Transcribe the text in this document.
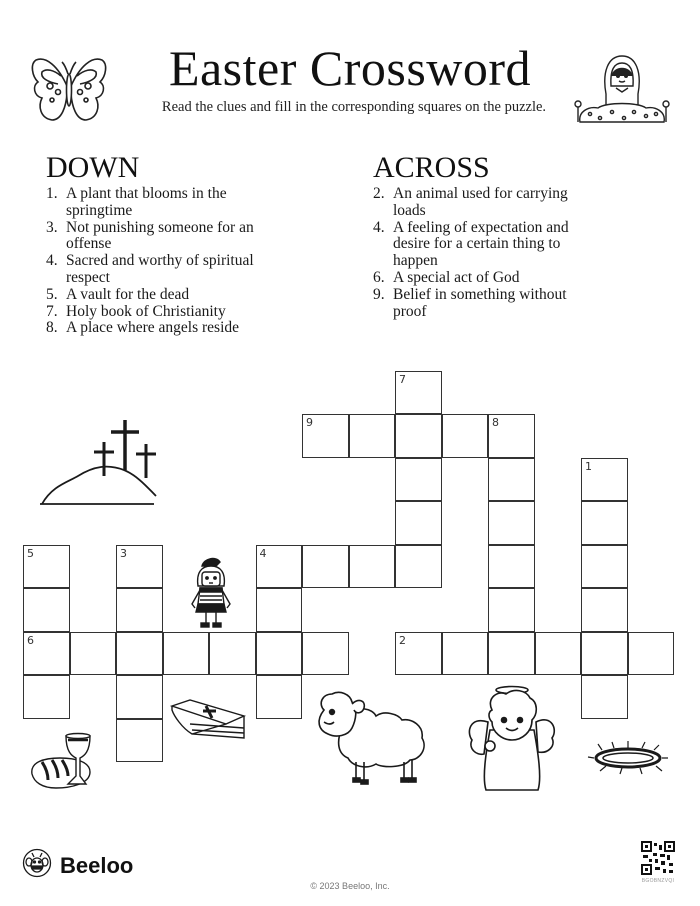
Easter Crossword
Read the clues and fill in the corresponding squares on the puzzle.
DOWN
1. A plant that blooms in the springtime
3. Not punishing someone for an offense
4. Sacred and worthy of spiritual respect
5. A vault for the dead
7. Holy book of Christianity
8. A place where angels reside
ACROSS
2. An animal used for carrying loads
4. A feeling of expectation and desire for a certain thing to happen
6. A special act of God
9. Belief in something without proof
7
9	8
1
5
6
3	4
2
Beeloo
© 2023 Beeloo, Inc.	BGOBNZVQI
